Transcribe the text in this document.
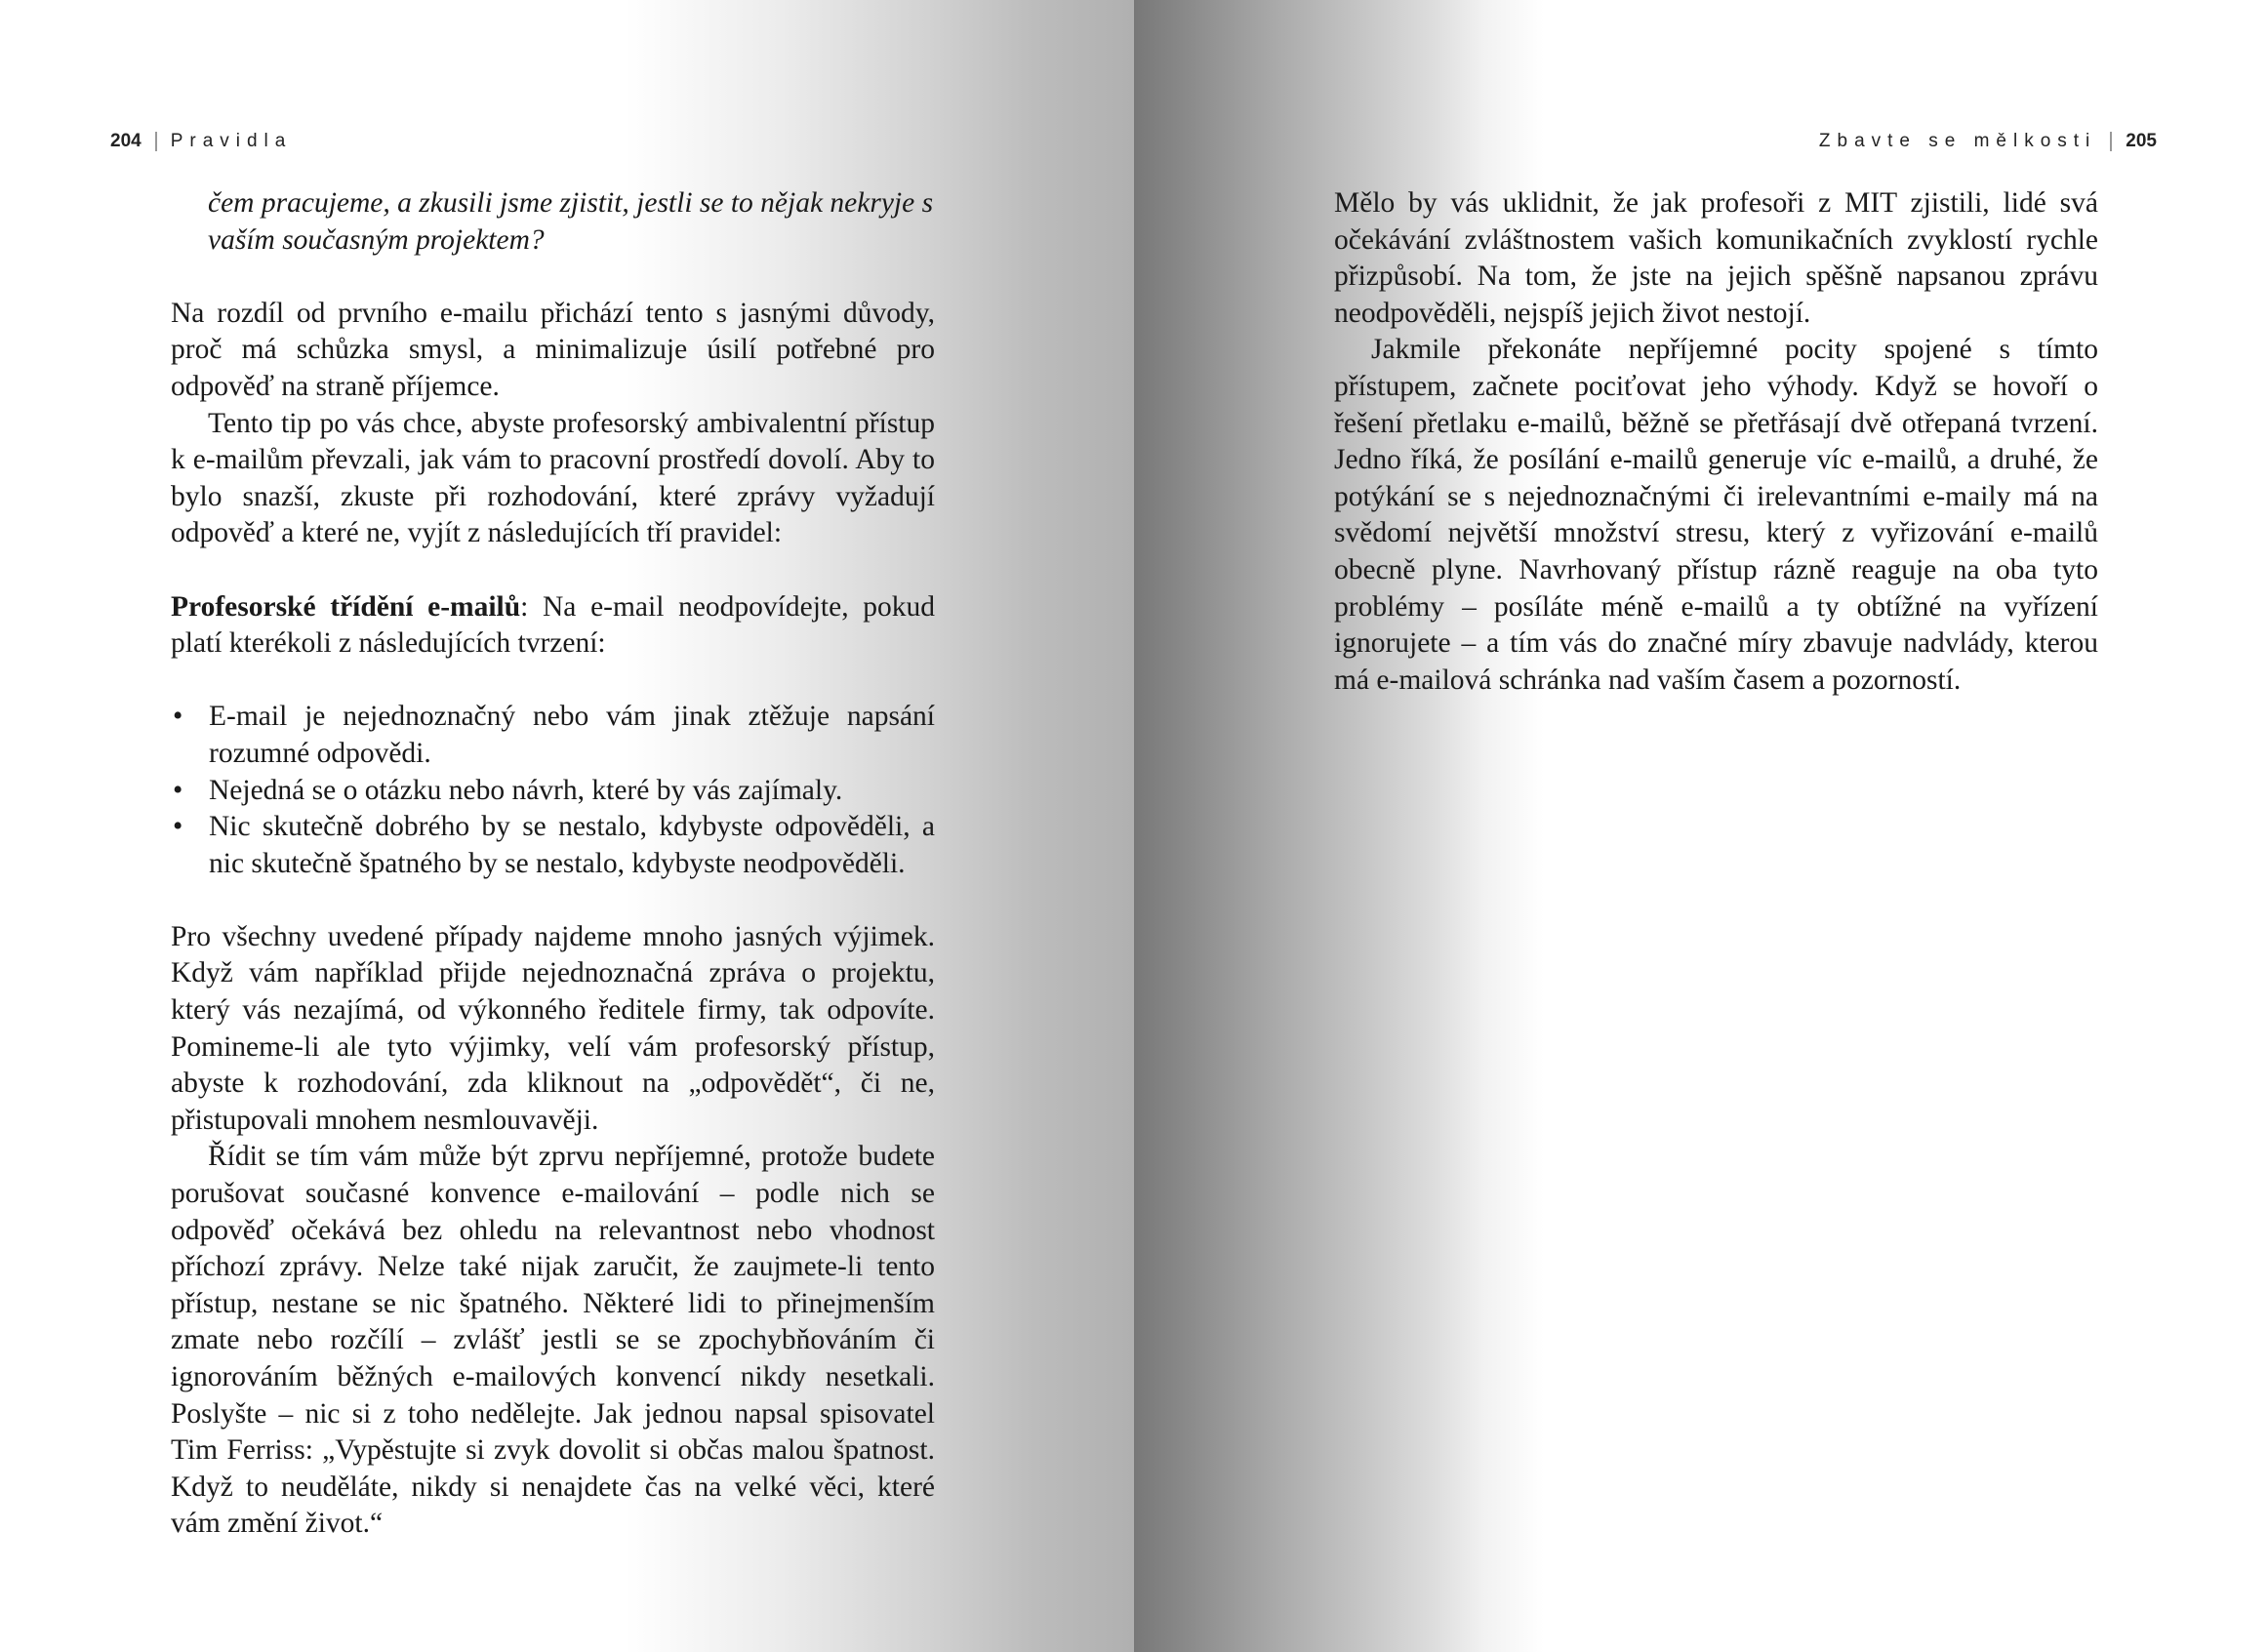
204 Pravidla

čem pracujeme, a zkusili jsme zjistit, jestli se to nějak nekryje s vaším současným projektem?

Na rozdíl od prvního e-mailu přichází tento s jasnými důvody, proč má schůzka smysl, a minimalizuje úsilí potřebné pro odpověď na straně příjemce.

Tento tip po vás chce, abyste profesorský ambivalentní přístup k e-mailům převzali, jak vám to pracovní prostředí dovolí. Aby to bylo snazší, zkuste při rozhodování, které zprávy vyžadují odpověď a které ne, vyjít z následujících tří pravidel:

Profesorské třídění e-mailů: Na e-mail neodpovídejte, pokud platí kterékoli z následujících tvrzení:

• E-mail je nejednoznačný nebo vám jinak ztěžuje napsání rozumné odpovědi.
• Nejedná se o otázku nebo návrh, které by vás zajímaly.
• Nic skutečně dobrého by se nestalo, kdybyste odpověděli, a nic skutečně špatného by se nestalo, kdybyste neodpověděli.

Pro všechny uvedené případy najdeme mnoho jasných výjimek. Když vám například přijde nejednoznačná zpráva o projektu, který vás nezajímá, od výkonného ředitele firmy, tak odpovíte. Pomineme-li ale tyto výjimky, velí vám profesorský přístup, abyste k rozhodování, zda kliknout na „odpovědět“, či ne, přistupovali mnohem nesmlouvavěji.

Řídit se tím vám může být zprvu nepříjemné, protože budete porušovat současné konvence e-mailování – podle nich se odpověď očekává bez ohledu na relevantnost nebo vhodnost příchozí zprávy. Nelze také nijak zaručit, že zaujmete-li tento přístup, nestane se nic špatného. Některé lidi to přinejmenším zmate nebo rozčílí – zvlášť jestli se se zpochybňováním či ignorováním běžných e-mailových konvencí nikdy nesetkali. Poslyšte – nic si z toho nedělejte. Jak jednou napsal spisovatel Tim Ferriss: „Vypěstujte si zvyk dovolit si občas malou špatnost. Když to neuděláte, nikdy si nenajdete čas na velké věci, které vám změní život.“

Zbavte se mělkosti 205

Mělo by vás uklidnit, že jak profesoři z MIT zjistili, lidé svá očekávání zvláštnostem vašich komunikačních zvyklostí rychle přizpůsobí. Na tom, že jste na jejich spěšně napsanou zprávu neodpověděli, nejspíš jejich život nestojí.

Jakmile překonáte nepříjemné pocity spojené s tímto přístupem, začnete pociťovat jeho výhody. Když se hovoří o řešení přetlaku e-mailů, běžně se přetřásají dvě otřepaná tvrzení. Jedno říká, že posílání e-mailů generuje víc e-mailů, a druhé, že potýkání se s nejednoznačnými či irelevantními e-maily má na svědomí největší množství stresu, který z vyřizování e-mailů obecně plyne. Navrhovaný přístup rázně reaguje na oba tyto problémy – posíláte méně e-mailů a ty obtížné na vyřízení ignorujete – a tím vás do značné míry zbavuje nadvlády, kterou má e-mailová schránka nad vaším časem a pozorností.
